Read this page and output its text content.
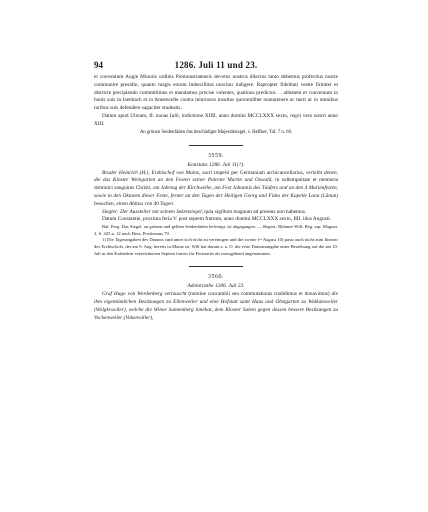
94	1286. Juli 11 und 23.

et conventum Augie Minoris ordinis Premonstratensis devotos nostros dilectos tanto debemus profectius nostre communire presidio, quanto magis eorum imbecillitas noscitur indigere. Rapropter fidelitati vestre firmiter et districte precipiendo committimus et mandamus precise volentes, quatinus predictos . . abbatem et conventum in bonis suis in Isenbach et in Annencelle contra iniuriosos insultus quorumlibet manutenere ac tueri ac in omnibus iuribus suis defendere sagaciter studeatis.

Datum apud Ulmam, II. nonas Iulii, indictione XIIII, anno domini MCCLXXX sexto, regni vero nostri anno XIII.

An grünen Seidenfäden das beschädigte Majestätsiegel, s. Heffner, Taf. 7 n. 60.

3559.
Konstanz 1286. Juli 11(?).

Bruder Heinrich (H.), Erzbischof von Mainz, sacri imperii per Germaniam archicancellarius, verleiht denen, die das Kloster Weingarten an den Festen seiner Patrone Martin und Oswald, in sollempnitate et memoria dominici sanguinis Christi, am Jahrtag der Kirchweihe, am Fest Johannis des Täufers und an den 4 Marienfesten, sowie in den Oktaven dieser Feste, ferner an den Tagen der Heiligen Georg und Fides der Kapelle Lana (Lânun) besuchen, einen Ablass von 40 Tagen.

Siegler: Der Aussteller mit seinem Sekretsiegel, quia sigillum magnum ad presens non habemus.

Datum Constantie, proxima feria V. post septem fratrum, anno domini MCCLXXX sexto, IIII. idus Augusti.

Bal. Perg. Das Siegel, an grünen und gelben Seidenfäden befestigt, ist abgegangen. — Regest: Böhmer-Will, Reg. arp. Maguat. 2, S. 425 n. 12 nach Hess, Prodromus 79.

1) Die Tagesangaben des Datums sind unter sich nicht zu vereinigen und die zweite (= August 10) passt auch nicht zum Itinerar des Erzbischofs, der am 9. Aug. bereits in Mainz ist. Will hat darum a. a. O. die erste Datumsangabe unter Beziehung auf die am 10. Juli in den Kalendern verzeichneten Septem fratres für Feststattis als massgebend angenommen.

3560.
Adelarnsthe 1286. Juli 23.

Graf Hugo von Werdenberg vertauscht (nomine concambii seu commutationis tradidimus et donavimus) die ihm eigentümlichen Besitzungen zu Ellenweiler und eine Hofstatt samt Haus und Obstgarten zu Walkatsweiler (Wolgkrswiler), welche die Witwe Sunnenberg innehat, dem Kloster Salem gegen dessen bessere Besitzungen zu Vockenweiler (Vokenwiller),
